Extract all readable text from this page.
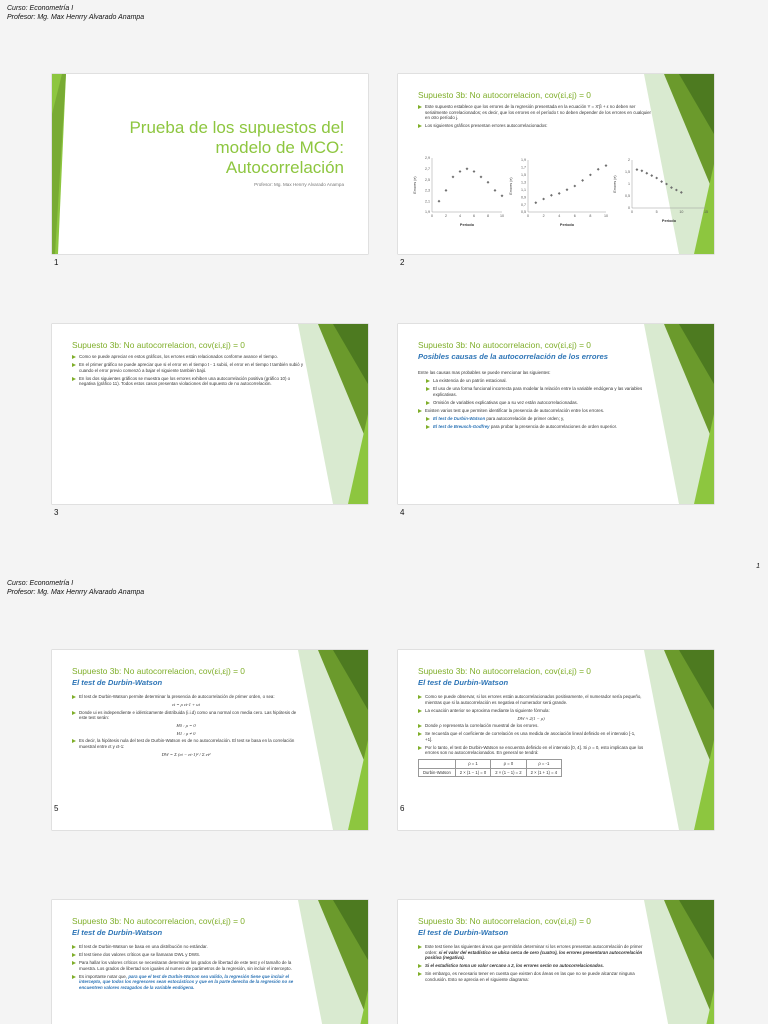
Curso: Econometría I
Profesor: Mg. Max Henrry Alvarado Anampa
1
Curso: Econometría I
Profesor: Mg. Max Henrry Alvarado Anampa
Prueba de los supuestos del modelo de MCO: Autocorrelación
Profesor: Mg. Max Henrry Alvarado Anampa
1
Supuesto 3b: No autocorrelacion, cov(εi,εj) = 0
Este supuesto establece que los errores de la regresión presentada en la ecuación Y = X'β + ε no deben ser serialmente correlacionados; es decir, que los errores en el período t no deben depender de los errores en cualquier en otro período j.
Los siguientes gráficos presentan errores autocorrelacionados:
2,9
2,7
2,5
2,3
2,1
1,9
0	2	4	6	8	10
Periodo
Errores (e)
1,9
1,7
1,5
1,3
1,1
0,9
0,7
0,5
0	2	4	6	8	10
Periodo
Errores (e)
2
1,5
1
0,5
0
0	5	10	15
Periodo
Errores (e)
2
Supuesto 3b: No autocorrelacion, cov(εi,εj) = 0
Como se puede apreciar en estos gráficos, los errores están relacionados conforme avance el tiempo.
En el primer gráfico se puede apreciar que si el error en el tiempo t - 1 subió, el error en el tiempo t también subió y cuando el error previo comenzó a bajar el siguiente también bajó.
En los dos siguientes gráficos se muestra que los errores exhiben una autocorrelación positiva (gráfico 10) o negativa (gráfico 11). Todos estos casos presentan violaciones del supuesto de no autocorrelación.
3
Supuesto 3b: No autocorrelacion, cov(εi,εj) = 0
Posibles causas de la autocorrelación de los errores

Entre las causas mas probables se puede mencionar las siguientes:

La existencia de un patrón estacional.
El uso de una forma funcional incorrecta para modelar la relación entre la variable endógena y las variables explicativas.
Omisión de variables explicativas que a su vez están autocorrelacionadas.
Existen varios test que permiten identificar la presencia de autocorrelación entre los errores.
El test de Durbin-Watson para autocorrelación de primer orden; y,
El test de Breusch-Godfrey para probar la presencia de autocorrelaciones de orden superior.
4
Supuesto 3b: No autocorrelacion, cov(εi,εj) = 0
El test de Durbin-Watson
El test de Durbin-Watson permite determinar la presencia de autocorrelación de primer orden, o sea:
εt = ρ εt-1 + ut
Donde ui es independiente e idénticamente distribuida (i.i.d) como una normal con media cero. Las hipótesis de este test serán:
H0 : ρ = 0
H1 : ρ ≠ 0
Es decir, la hipótesis nula del test de Durbin-Watson es de no autocorrelación. El test se basa en la correlación muestral entre εt y εt-1:
DW = Σ (et − et-1)² / Σ et²
5
Supuesto 3b: No autocorrelacion, cov(εi,εj) = 0
El test de Durbin-Watson
Como se puede observar, si los errores están autocorrelacionados positivamente, el numerador sería pequeño, mientras que si la autocorrelación es negativa el numerador será grande.
La ecuación anterior se aproxima mediante la siguiente fórmula:
DW ≈ 2(1 − ρ)
Donde ρ representa la correlación muestral de los errores.
Se recuerda que el coeficiente de correlación es una medida de asociación lineal definido en el intervalo [-1, +1].
Por lo tanto, el test de Durbin-Watson se encuentra definido en el intervalo [0, 4]. Si ρ = 0, esto implicara que los errores son no autocorrelacionados. En general se tendrá:
	ρ = 1	ρ = 0	ρ = -1
Durbin-Watson	2 × (1 − 1) = 0	2 × (1 − 1) = 2	2 × (1 + 1) = 4
6
Supuesto 3b: No autocorrelacion, cov(εi,εj) = 0
El test de Durbin-Watson
El test de Durbin-Watson se basa en una distribución no estándar.
El test tiene dos valores críticos que se llamaran DWL y DWS.
Para hallar los valores críticos se necesitaran determinar los grados de libertad de este test y el tamaño de la muestra. Los grados de libertad son iguales al numero de parámetros de la regresión, sin incluir el intercepto.
Es importante notar que, para que el test de Durbin-Watson sea valido, la regresión tiene que incluir el intercepto, que todos los regresores sean estocásticos y que en la parte derecha de la regresión no se encuentren valores rezagados de la variable endógena.
Supuesto 3b: No autocorrelacion, cov(εi,εj) = 0
El test de Durbin-Watson
Este test tiene las siguientes áreas que permitirán determinar si los errores presentan autocorrelación de primer orden: si el valor del estadístico se ubica cerca de cero (cuatro), los errores presentaran autocorrelación positiva (negativa).
Si el estadístico toma un valor cercano a 2, los errores serán no autocorrelacionados.
Sin embargo, es necesario tener en cuenta que existen dos áreas en las que no se puede alcanzar ninguna conclusión. Esto se aprecia en el siguiente diagrama:
